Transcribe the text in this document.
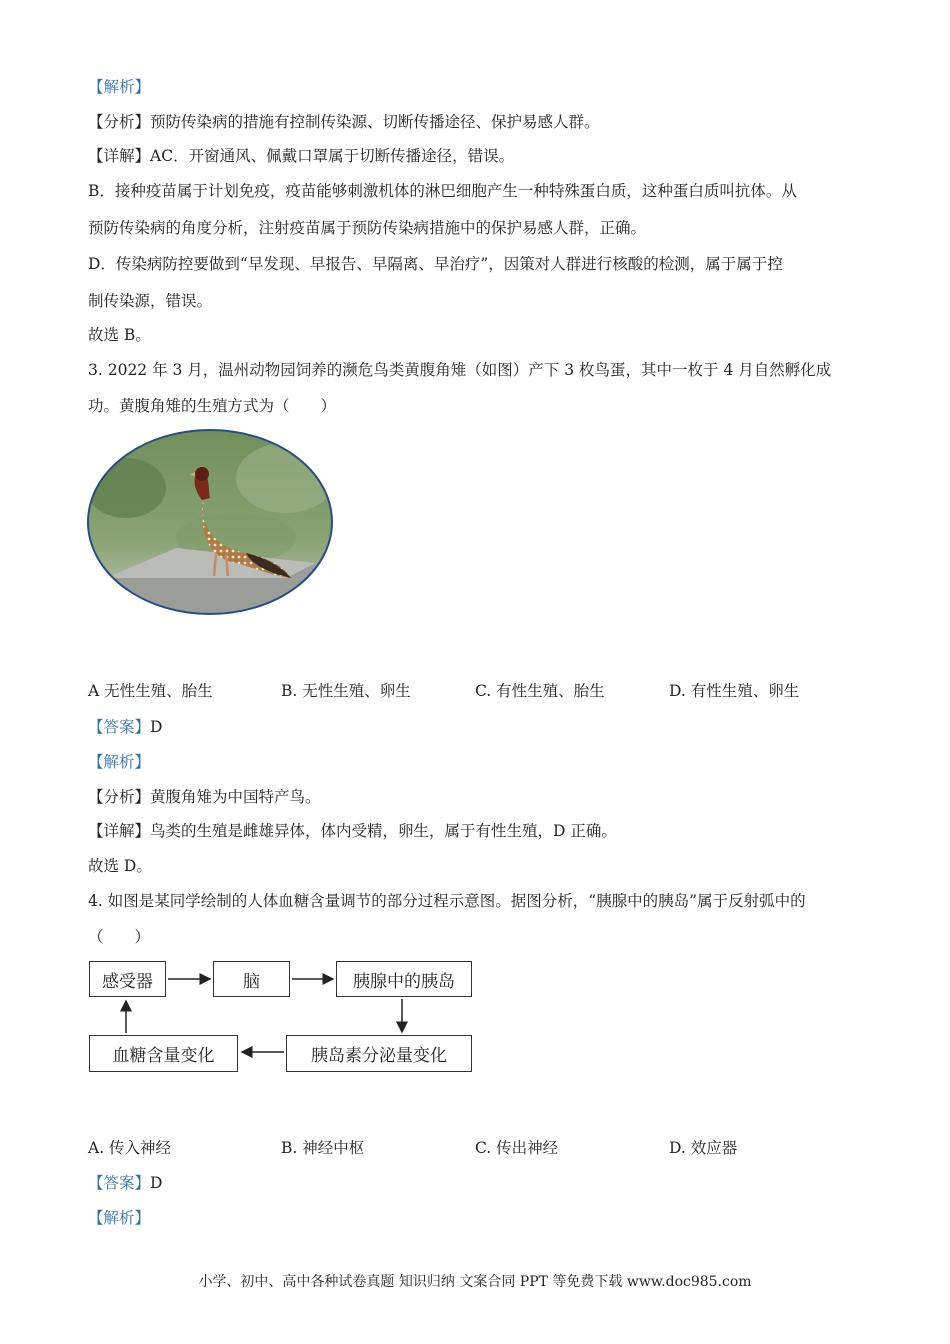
【解析】
【分析】预防传染病的措施有控制传染源、切断传播途径、保护易感人群。
【详解】AC．开窗通风、佩戴口罩属于切断传播途径，错误。
B．接种疫苗属于计划免疫，疫苗能够刺激机体的淋巴细胞产生一种特殊蛋白质，这种蛋白质叫抗体。从
预防传染病的角度分析，注射疫苗属于预防传染病措施中的保护易感人群，正确。
D．传染病防控要做到“早发现、早报告、早隔离、早治疗”，因策对人群进行核酸的检测，属于属于控
制传染源，错误。
故选 B。
3. 2022 年 3 月，温州动物园饲养的濒危鸟类黄腹角雉（如图）产下 3 枚鸟蛋，其中一枚于 4 月自然孵化成
功。黄腹角雉的生殖方式为（　　）
A 无性生殖、胎生	B. 无性生殖、卵生	C. 有性生殖、胎生	D. 有性生殖、卵生
【答案】D
【解析】
【分析】黄腹角雉为中国特产鸟。
【详解】鸟类的生殖是雌雄异体，体内受精，卵生，属于有性生殖，D 正确。
故选 D。
4. 如图是某同学绘制的人体血糖含量调节的部分过程示意图。据图分析，“胰腺中的胰岛”属于反射弧中的
（　　）
感受器	脑	胰腺中的胰岛
胰岛素分泌量变化
血糖含量变化
A. 传入神经	B. 神经中枢	C. 传出神经	D. 效应器
【答案】D
【解析】
小学、初中、高中各种试卷真题 知识归纳 文案合同 PPT 等免费下载 www.doc985.com
